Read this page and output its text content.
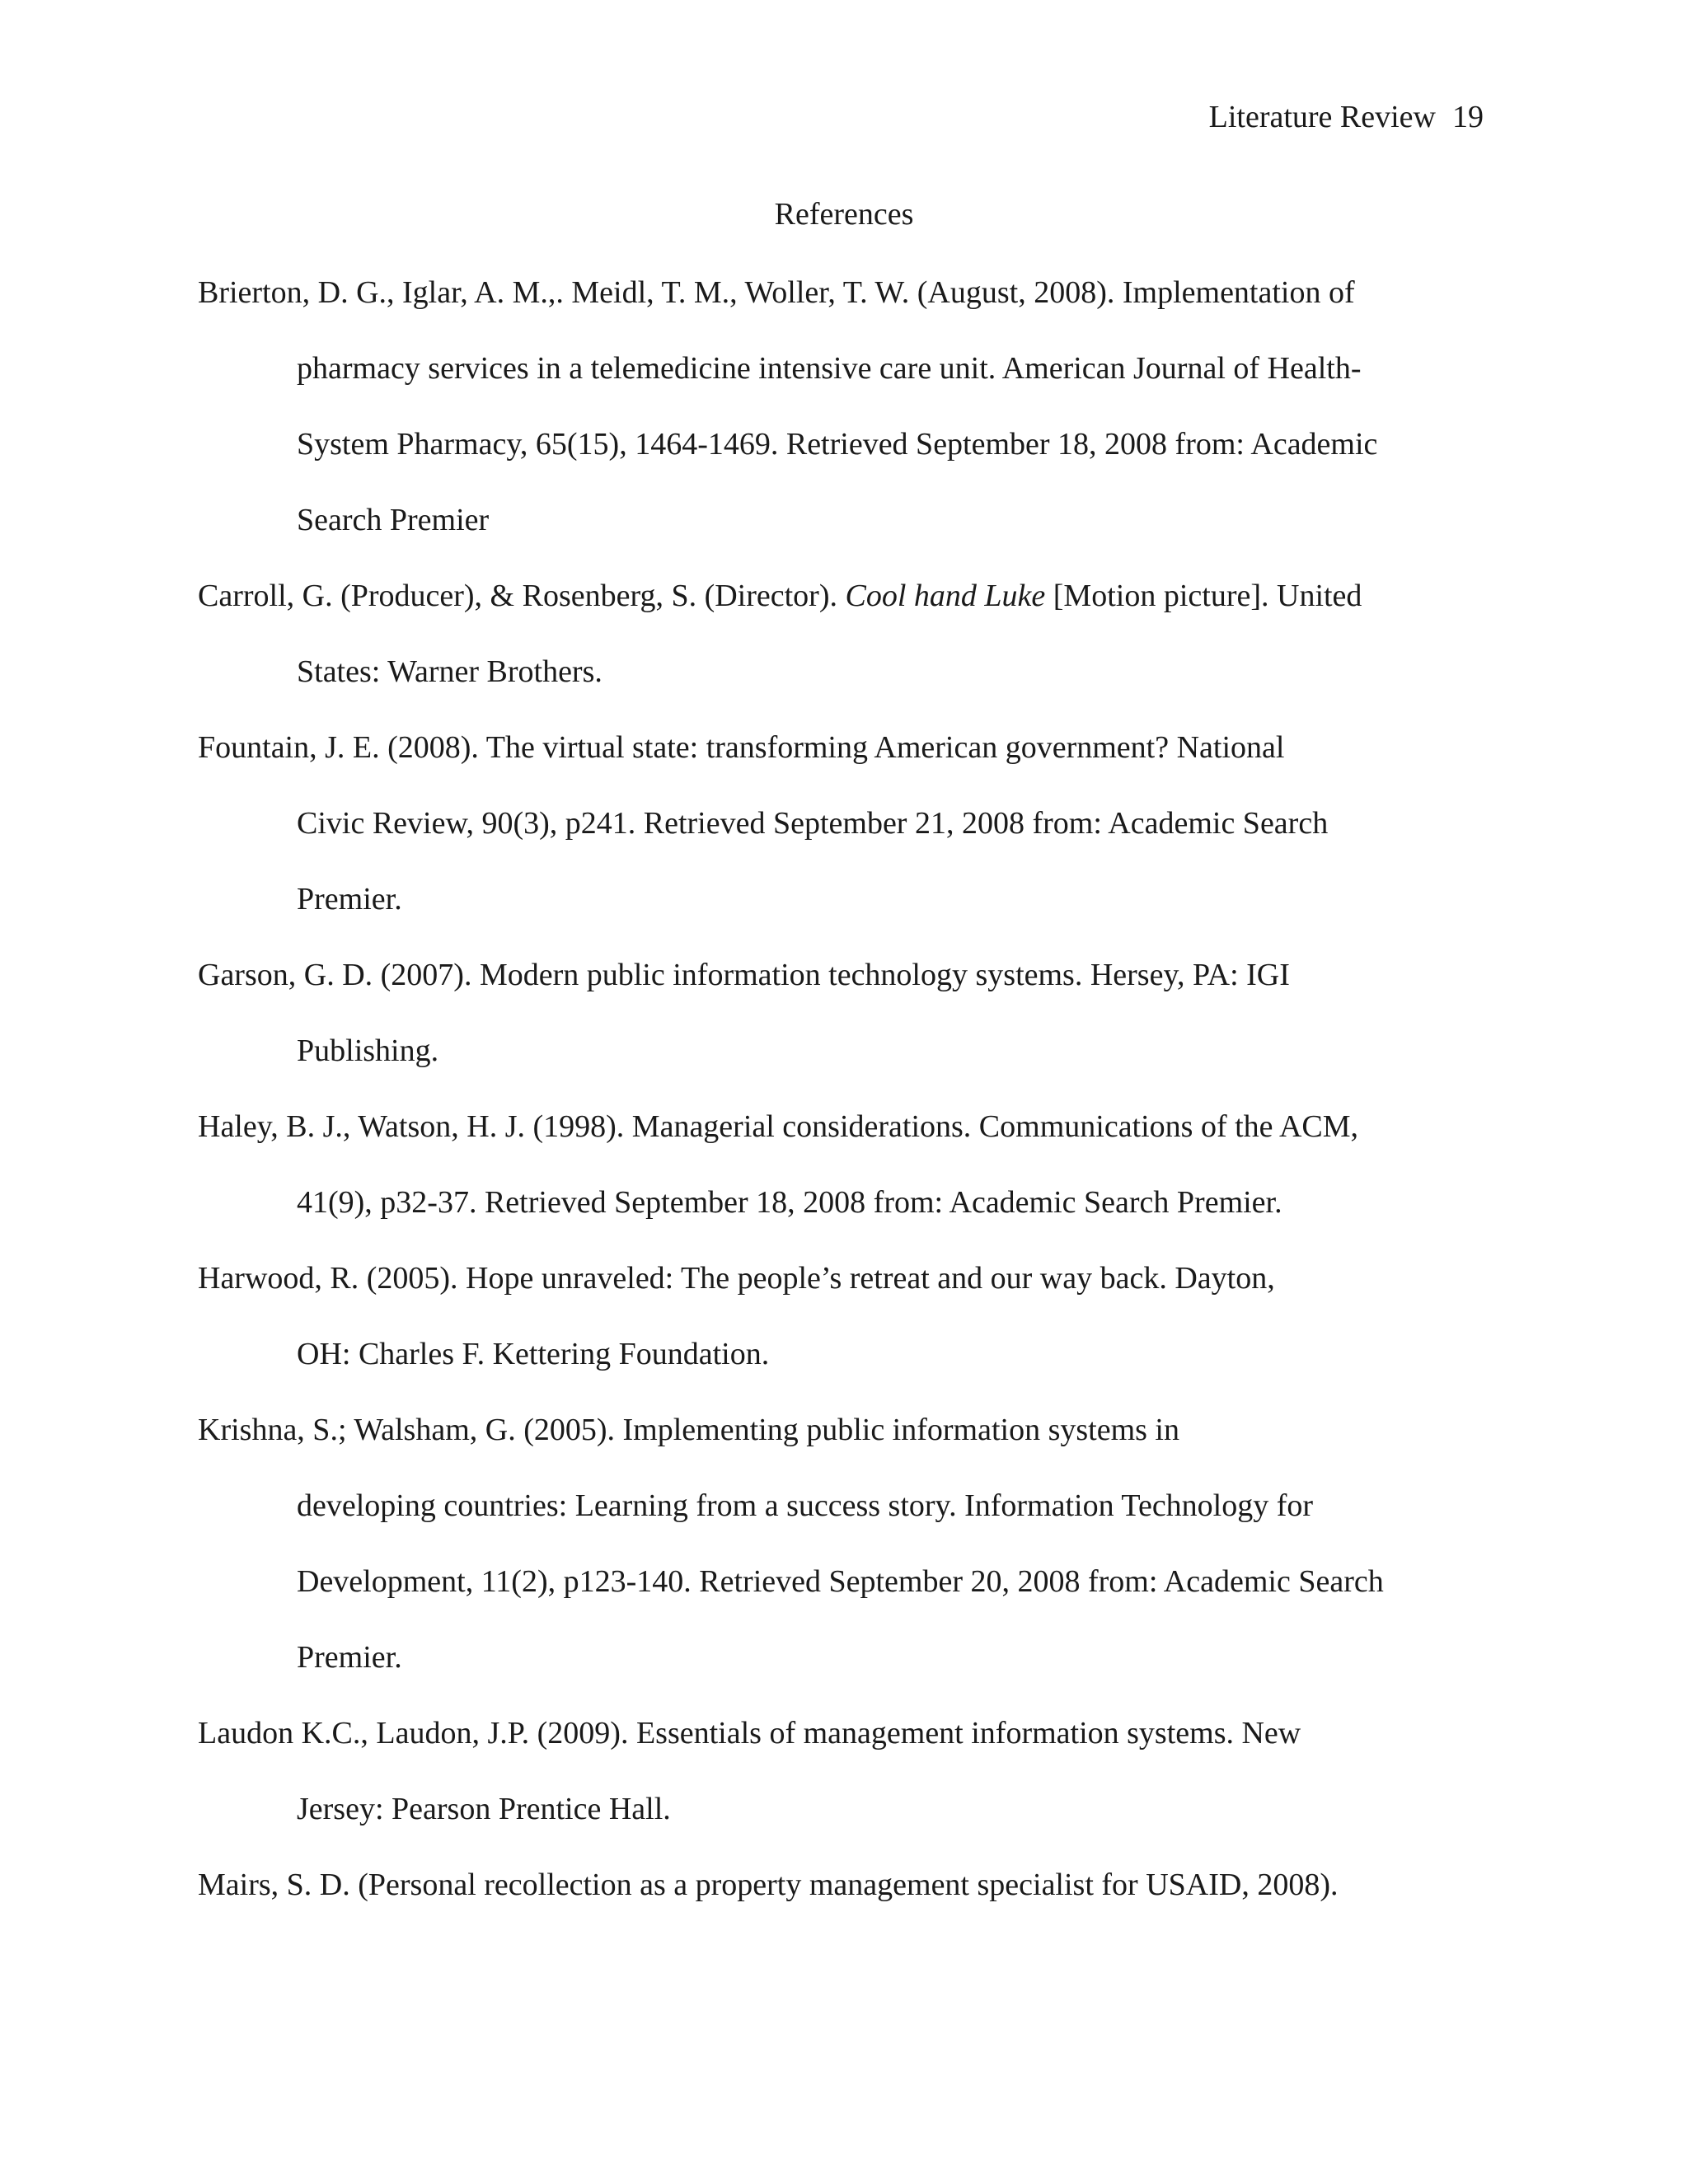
Literature Review 19
References
Brierton, D. G., Iglar, A. M.,. Meidl, T. M., Woller, T. W. (August, 2008). Implementation of
pharmacy services in a telemedicine intensive care unit. American Journal of Health-
System Pharmacy, 65(15), 1464-1469. Retrieved September 18, 2008 from: Academic
Search Premier
Carroll, G. (Producer), & Rosenberg, S. (Director). Cool hand Luke [Motion picture]. United
States: Warner Brothers.
Fountain, J. E. (2008). The virtual state: transforming American government? National
Civic Review, 90(3), p241. Retrieved September 21, 2008 from: Academic Search
Premier.
Garson, G. D. (2007). Modern public information technology systems. Hersey, PA: IGI
Publishing.
Haley, B. J., Watson, H. J. (1998). Managerial considerations. Communications of the ACM,
41(9), p32-37. Retrieved September 18, 2008 from: Academic Search Premier.
Harwood, R. (2005). Hope unraveled: The people’s retreat and our way back. Dayton,
OH: Charles F. Kettering Foundation.
Krishna, S.; Walsham, G. (2005). Implementing public information systems in
developing countries: Learning from a success story. Information Technology for
Development, 11(2), p123-140. Retrieved September 20, 2008 from: Academic Search
Premier.
Laudon K.C., Laudon, J.P. (2009). Essentials of management information systems. New
Jersey: Pearson Prentice Hall.
Mairs, S. D. (Personal recollection as a property management specialist for USAID, 2008).
